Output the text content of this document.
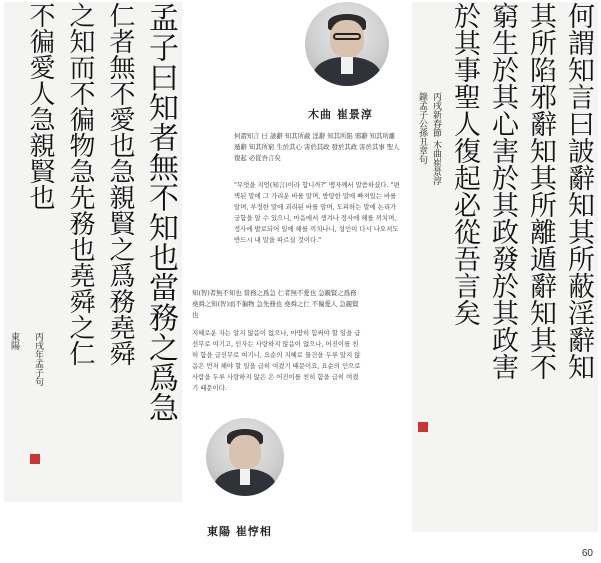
孟子曰知者無不知也當務之爲急
仁者無不愛也急親賢之爲務堯舜
之知而不徧物急先務也堯舜之仁
不徧愛人急親賢也
東陽 丙戌年孟子句
木曲 崔景淳
何謂知言 曰 詖辭 知其所蔽 淫辭 知其所陷 邪辭 知其所離 遁辭 知其所窮 生於其心 害於其政 發於其政 害於其事 聖人復起 必從吾言矣
"무엇을 지언(知言)이라 합니까?" 맹자께서 말씀하셨다. "편벽된 말에 그 가리운 바를 알며, 방탕한 말에 빠져있는 바를 알며, 부정한 말에 괴리된 바를 알며, 도피하는 말에 논리가 궁함을 알 수 있으니, 마음에서 생겨나 정사에 해를 끼치며, 정사에 발로되어 일에 해를 끼치나니, 성인이 다시 나오셔도 반드시 내 말을 따르실 것이다."
知(智)者無不知也 當務之爲急 仁者無不愛也 急親賢之爲務 堯舜之知(智)而不徧物 急先務也 堯舜之仁 不徧愛人 急親賢也
지혜로운 자는 알지 않음이 없으나, 마땅히 힘써야 할 일을 급선무로 여기고, 인자는 사랑하지 않음이 없으나, 어진이를 친히 함을 급선무로 여기니, 요순의 지혜로 물건을 두루 알지 않음은 먼저 해야 할 일을 급히 여겼기 때문이요, 요순의 인으로 사람을 두루 사랑하지 않은 은 어진이를 친히 함을 급히 여겼기 때문이다.
東陽 崔悙相
何謂知言曰詖辭知其所蔽淫辭知
其所陷邪辭知其所離遁辭知其不
窮生於其心害於其政發於其政害
於其事聖人復起必從吾言矣
錄孟子公孫丑章句 丙戌新春節 木曲崔景淳
60
